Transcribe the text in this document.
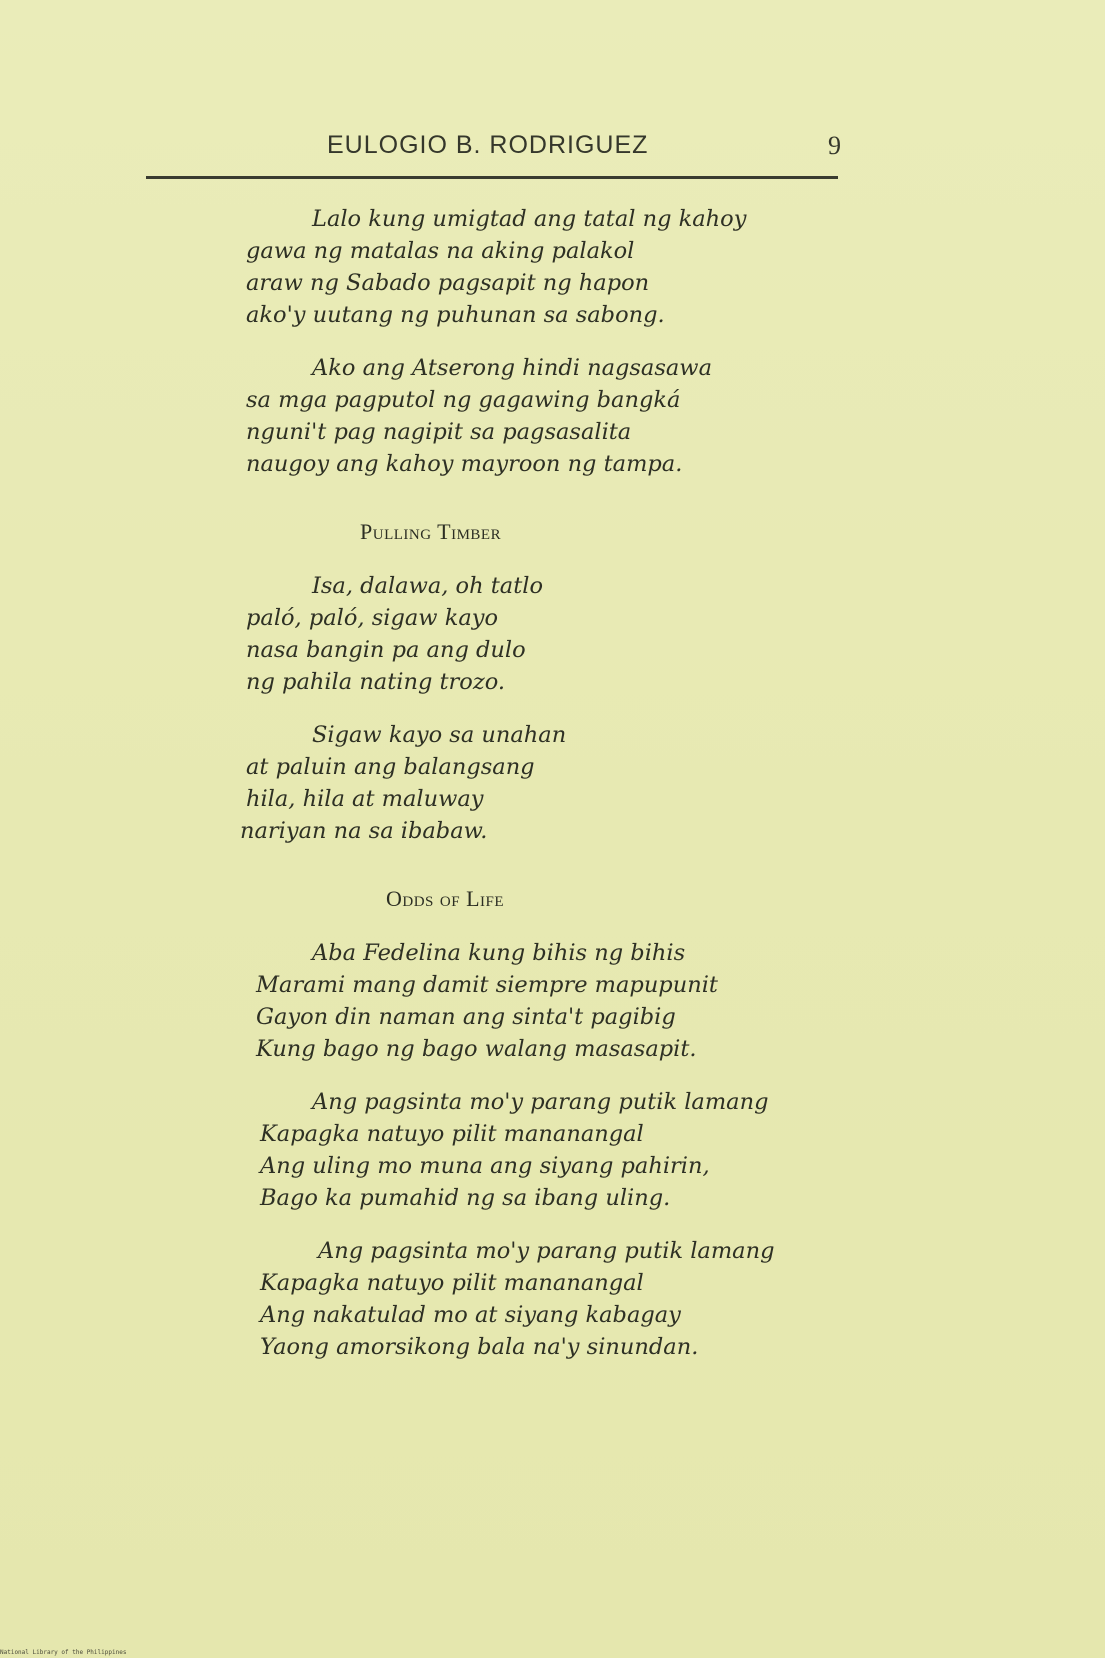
EULOGIO B. RODRIGUEZ	9
Lalo kung umigtad ang tatal ng kahoy
gawa ng matalas na aking palakol
araw ng Sabado pagsapit ng hapon
ako'y uutang ng puhunan sa sabong.
Ako ang Atserong hindi nagsasawa
sa mga pagputol ng gagawing bangká
nguni't pag nagipit sa pagsasalita
naugoy ang kahoy mayroon ng tampa.
Pulling Timber
Isa, dalawa, oh tatlo
paló, paló, sigaw kayo
nasa bangin pa ang dulo
ng pahila nating trozo.
Sigaw kayo sa unahan
at paluin ang balangsang
hila, hila at maluway
nariyan na sa ibabaw.
Odds of Life
Aba Fedelina kung bihis ng bihis
Marami mang damit siempre mapupunit
Gayon din naman ang sinta't pagibig
Kung bago ng bago walang masasapit.
Ang pagsinta mo'y parang putik lamang
Kapagka natuyo pilit mananangal
Ang uling mo muna ang siyang pahirin,
Bago ka pumahid ng sa ibang uling.
Ang pagsinta mo'y parang putik lamang
Kapagka natuyo pilit mananangal
Ang nakatulad mo at siyang kabagay
Yaong amorsikong bala na'y sinundan.
National Library of the Philippines
